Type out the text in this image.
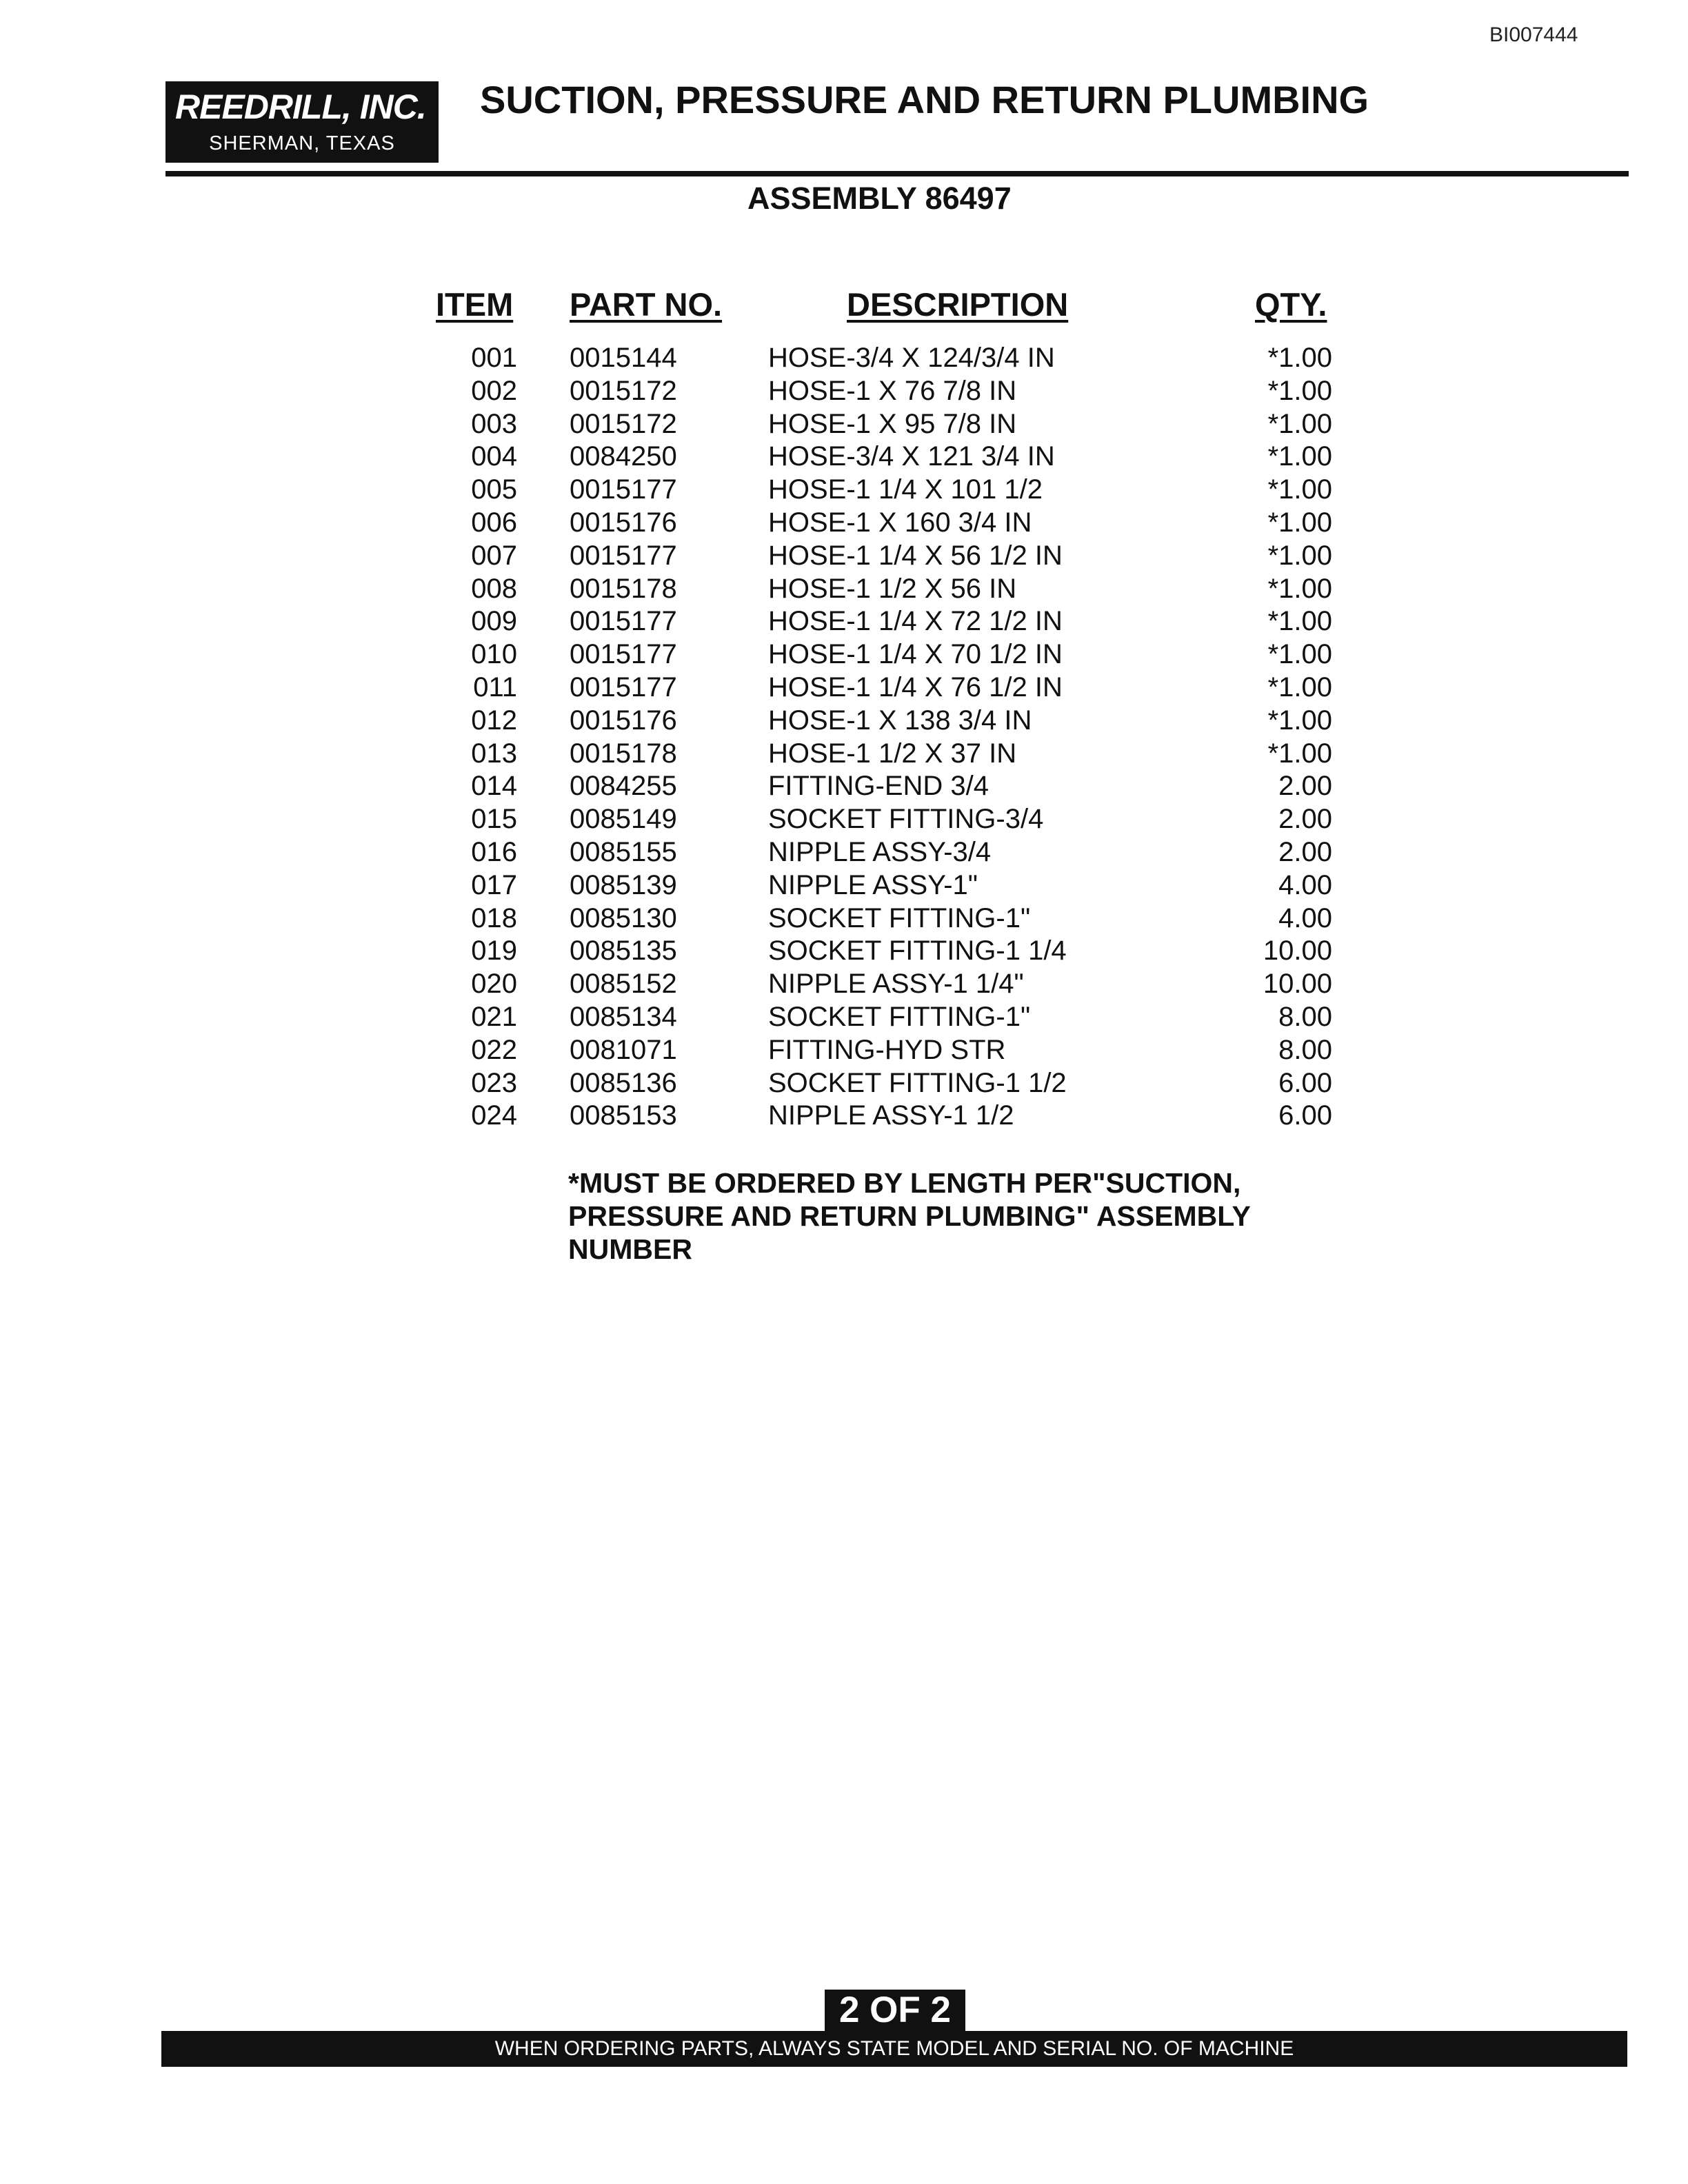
BI007444
REEDRILL, INC.
SHERMAN, TEXAS
SUCTION, PRESSURE AND RETURN PLUMBING
ASSEMBLY 86497
ITEM PART NO.	DESCRIPTION	QTY.
001 0015144	HOSE-3/4 X 124/3/4 IN	*1.00
002 0015172	HOSE-1 X 76 7/8 IN	*1.00
003 0015172	HOSE-1 X 95 7/8 IN	*1.00
004 0084250	HOSE-3/4 X 121 3/4 IN	*1.00
005 0015177	HOSE-1 1/4 X 101 1/2	*1.00
006 0015176	HOSE-1 X 160 3/4 IN	*1.00
007 0015177	HOSE-1 1/4 X 56 1/2 IN	*1.00
008 0015178	HOSE-1 1/2 X 56 IN	*1.00
009 0015177	HOSE-1 1/4 X 72 1/2 IN	*1.00
010 0015177	HOSE-1 1/4 X 70 1/2 IN	*1.00
011 0015177	HOSE-1 1/4 X 76 1/2 IN	*1.00
012 0015176	HOSE-1 X 138 3/4 IN	*1.00
013 0015178	HOSE-1 1/2 X 37 IN	*1.00
014 0084255	FITTING-END 3/4	2.00
015 0085149	SOCKET FITTING-3/4	2.00
016 0085155	NIPPLE ASSY-3/4	2.00
017 0085139	NIPPLE ASSY-1"	4.00
018 0085130	SOCKET FITTING-1"	4.00
019 0085135	SOCKET FITTING-1 1/4	10.00
020 0085152	NIPPLE ASSY-1 1/4"	10.00
021 0085134	SOCKET FITTING-1"	8.00
022 0081071	FITTING-HYD STR	8.00
023 0085136	SOCKET FITTING-1 1/2	6.00
024 0085153	NIPPLE ASSY-1 1/2	6.00
*MUST BE ORDERED BY LENGTH PER"SUCTION, PRESSURE AND RETURN PLUMBING" ASSEMBLY NUMBER
2 OF 2
WHEN ORDERING PARTS, ALWAYS STATE MODEL AND SERIAL NO. OF MACHINE
